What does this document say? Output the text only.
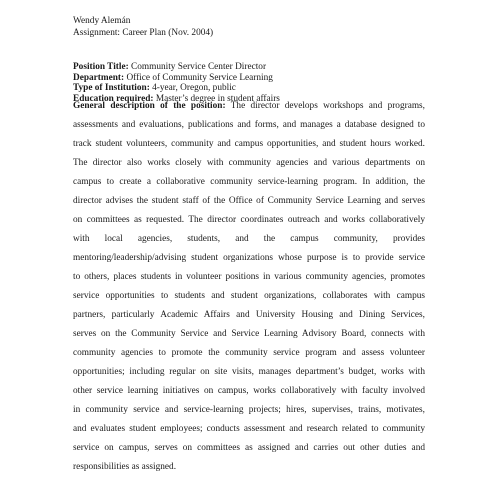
Wendy Alemán
Assignment: Career Plan (Nov. 2004)
Position Title: Community Service Center Director
Department: Office of Community Service Learning
Type of Institution: 4-year, Oregon, public
Education required: Master’s degree in student affairs
General description of the position: The director develops workshops and programs,
assessments and evaluations, publications and forms, and manages a database designed to
track student volunteers, community and campus opportunities, and student hours worked.
The director also works closely with community agencies and various departments on
campus to create a collaborative community service-learning program. In addition, the
director advises the student staff of the Office of Community Service Learning and serves
on committees as requested. The director coordinates outreach and works collaboratively
with local agencies, students, and the campus community, provides
mentoring/leadership/advising student organizations whose purpose is to provide service
to others, places students in volunteer positions in various community agencies, promotes
service opportunities to students and student organizations, collaborates with campus
partners, particularly Academic Affairs and University Housing and Dining Services,
serves on the Community Service and Service Learning Advisory Board, connects with
community agencies to promote the community service program and assess volunteer
opportunities; including regular on site visits, manages department’s budget, works with
other service learning initiatives on campus, works collaboratively with faculty involved
in community service and service-learning projects; hires, supervises, trains, motivates,
and evaluates student employees; conducts assessment and research related to community
service on campus, serves on committees as assigned and carries out other duties and
responsibilities as assigned.
